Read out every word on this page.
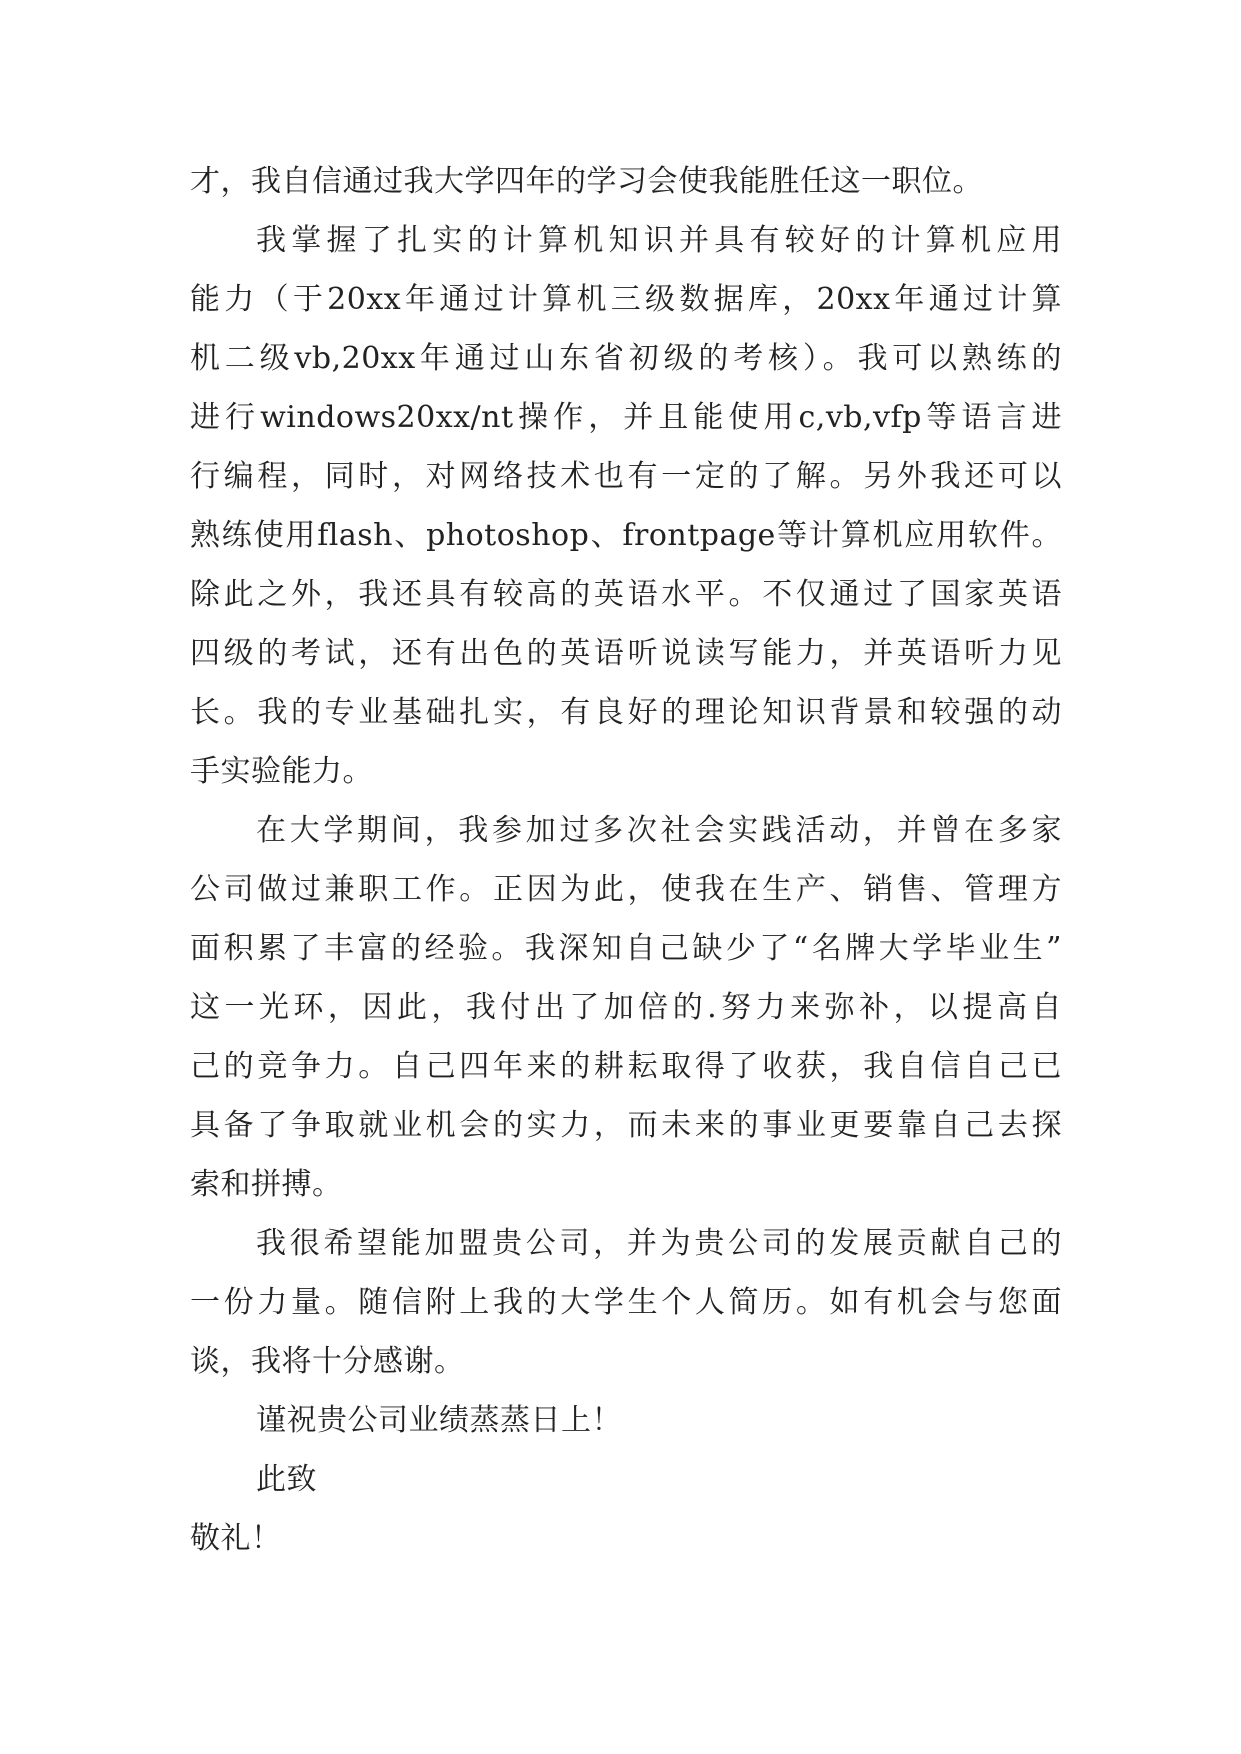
才，我自信通过我大学四年的学习会使我能胜任这一职位。
我掌握了扎实的计算机知识并具有较好的计算机应用
能力（于20xx年通过计算机三级数据库，20xx年通过计算
机二级vb,20xx年通过山东省初级的考核）。我可以熟练的
进行windows20xx/nt操作，并且能使用c,vb,vfp等语言进
行编程，同时，对网络技术也有一定的了解。另外我还可以
熟练使用flash、photoshop、frontpage等计算机应用软件。
除此之外，我还具有较高的英语水平。不仅通过了国家英语
四级的考试，还有出色的英语听说读写能力，并英语听力见
长。我的专业基础扎实，有良好的理论知识背景和较强的动
手实验能力。
在大学期间，我参加过多次社会实践活动，并曾在多家
公司做过兼职工作。正因为此，使我在生产、销售、管理方
面积累了丰富的经验。我深知自己缺少了“名牌大学毕业生”
这一光环，因此，我付出了加倍的.努力来弥补，以提高自
己的竞争力。自己四年来的耕耘取得了收获，我自信自己已
具备了争取就业机会的实力，而未来的事业更要靠自己去探
索和拼搏。
我很希望能加盟贵公司，并为贵公司的发展贡献自己的
一份力量。随信附上我的大学生个人简历。如有机会与您面
谈，我将十分感谢。
谨祝贵公司业绩蒸蒸日上！
此致
敬礼！
